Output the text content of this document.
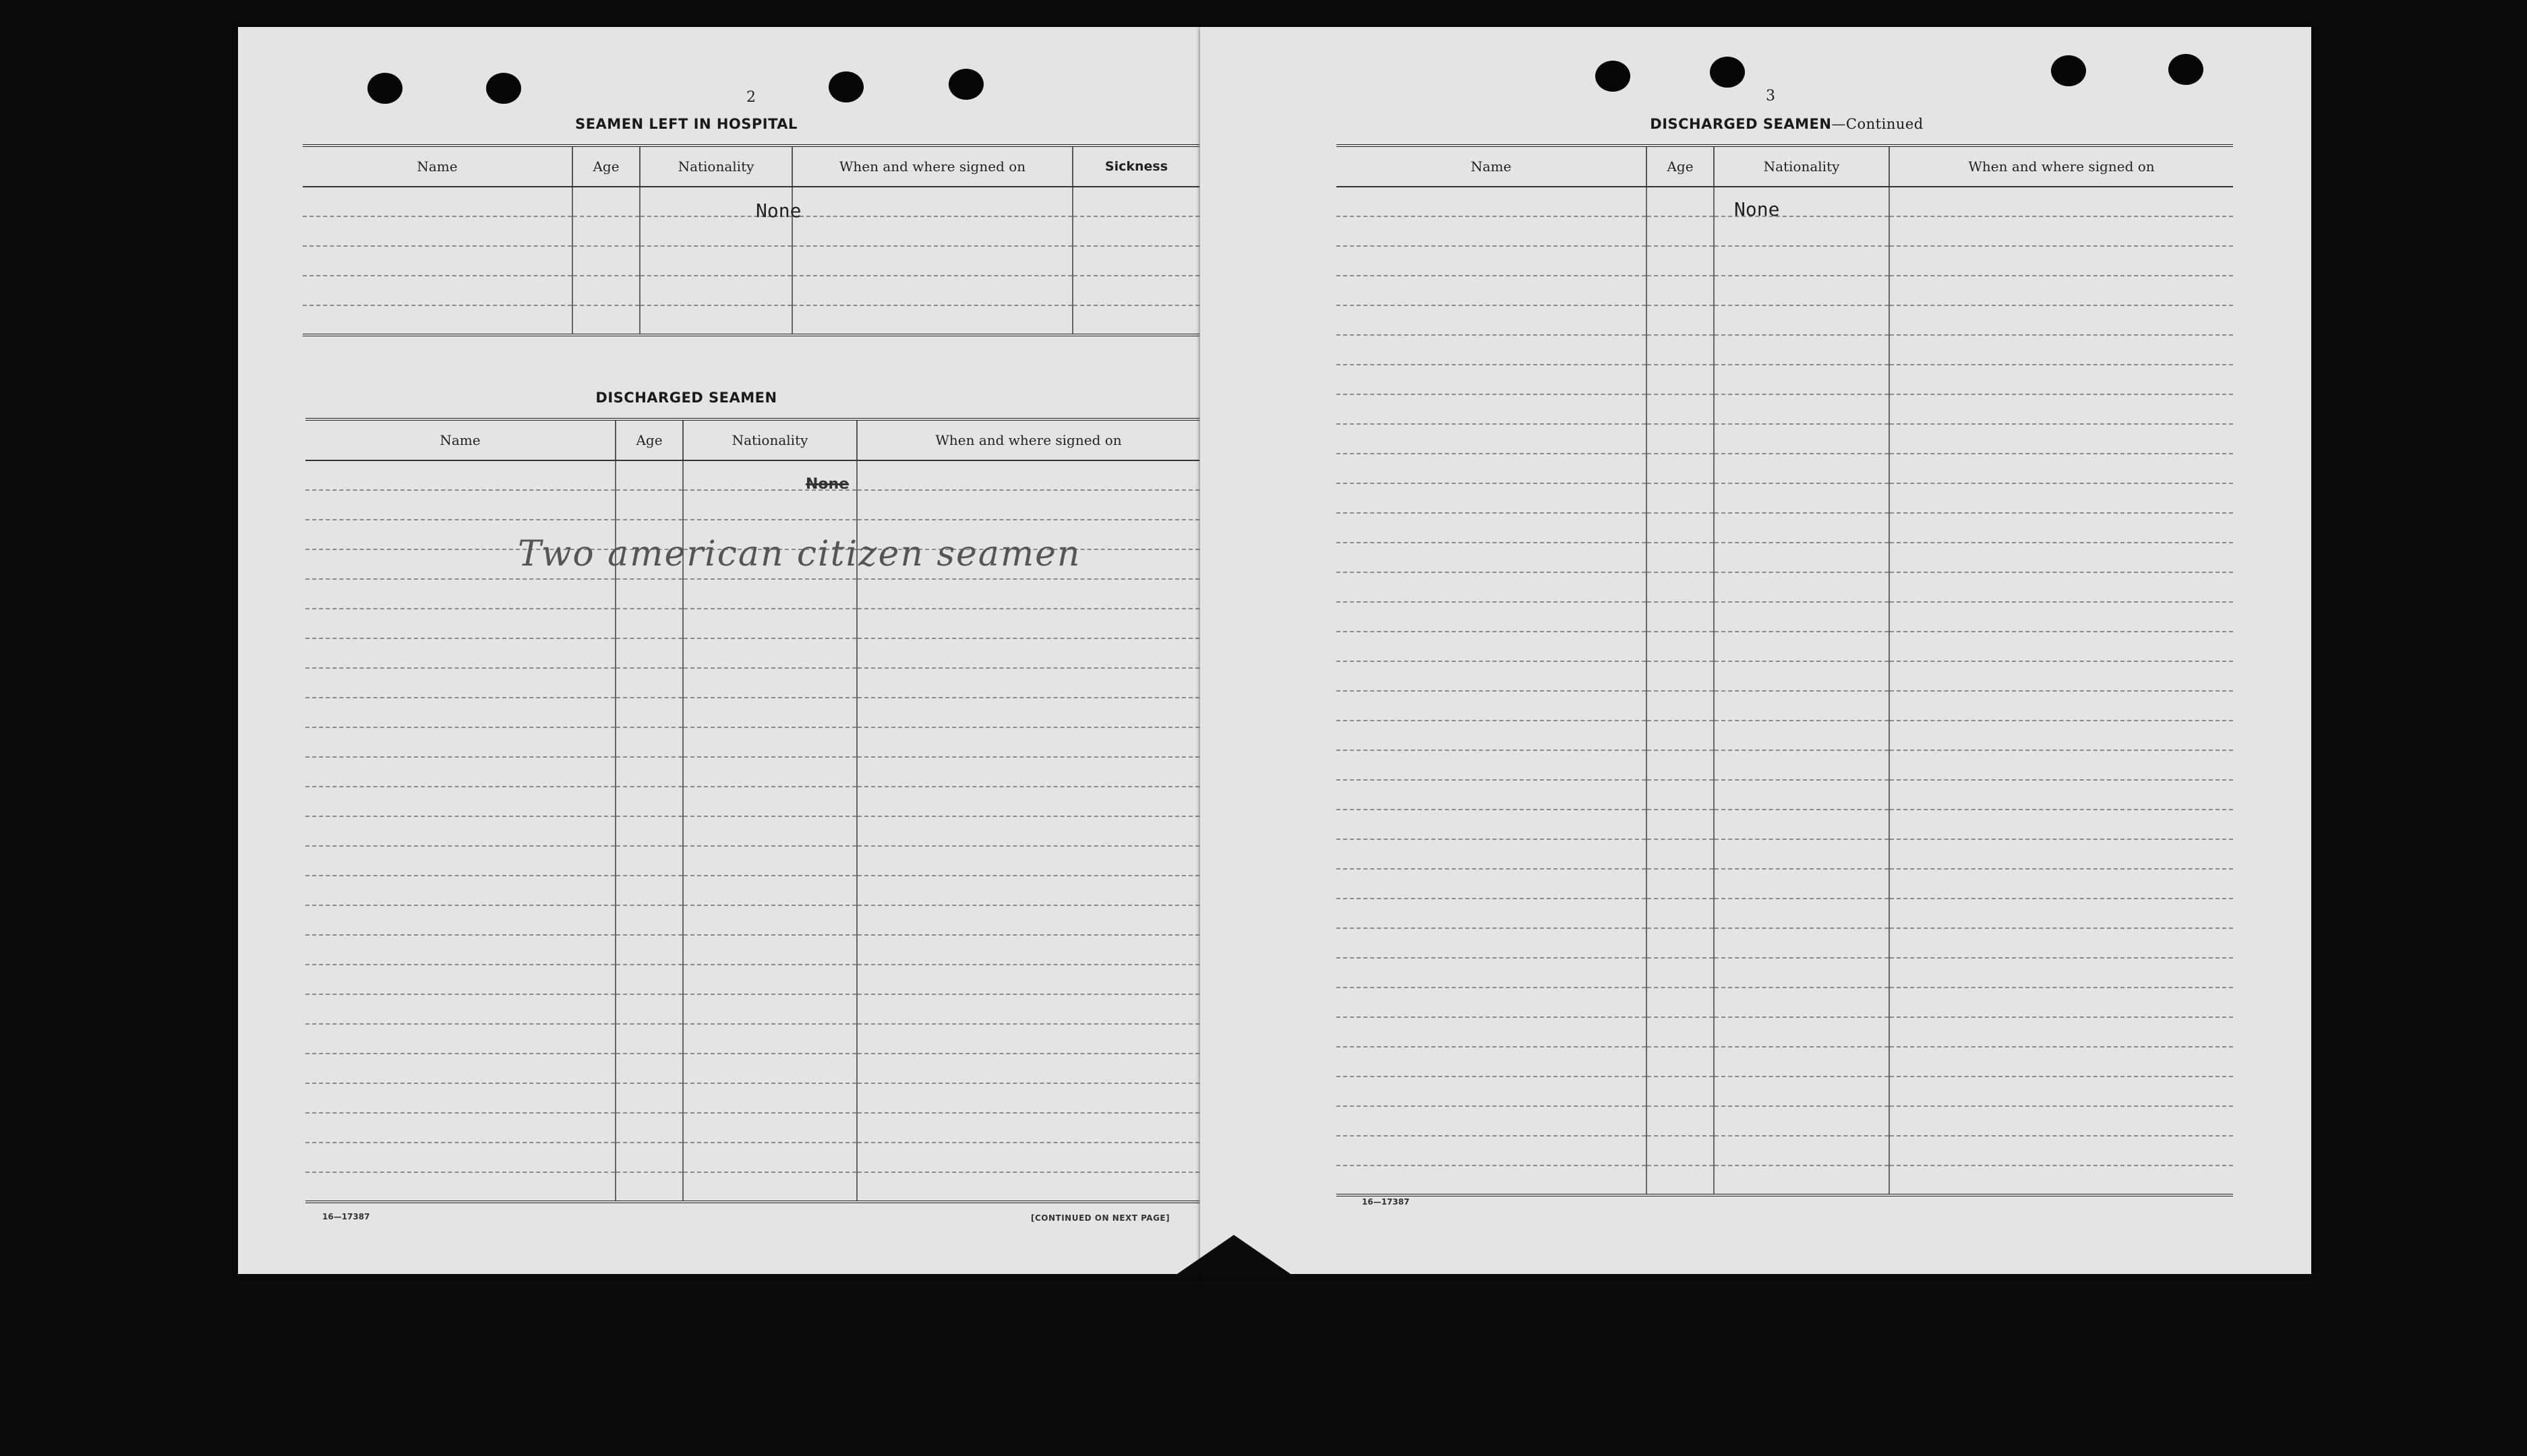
2
SEAMEN LEFT IN HOSPITAL
Name	Age	Nationality	When and where signed on	Sickness

None
DISCHARGED SEAMEN
Name	Age	Nationality	When and where signed on

None
Two american citizen seamen
16—17387	[CONTINUED ON NEXT PAGE]
3
DISCHARGED SEAMEN—Continued
Name	Age	Nationality	When and where signed on

None
16—17387
